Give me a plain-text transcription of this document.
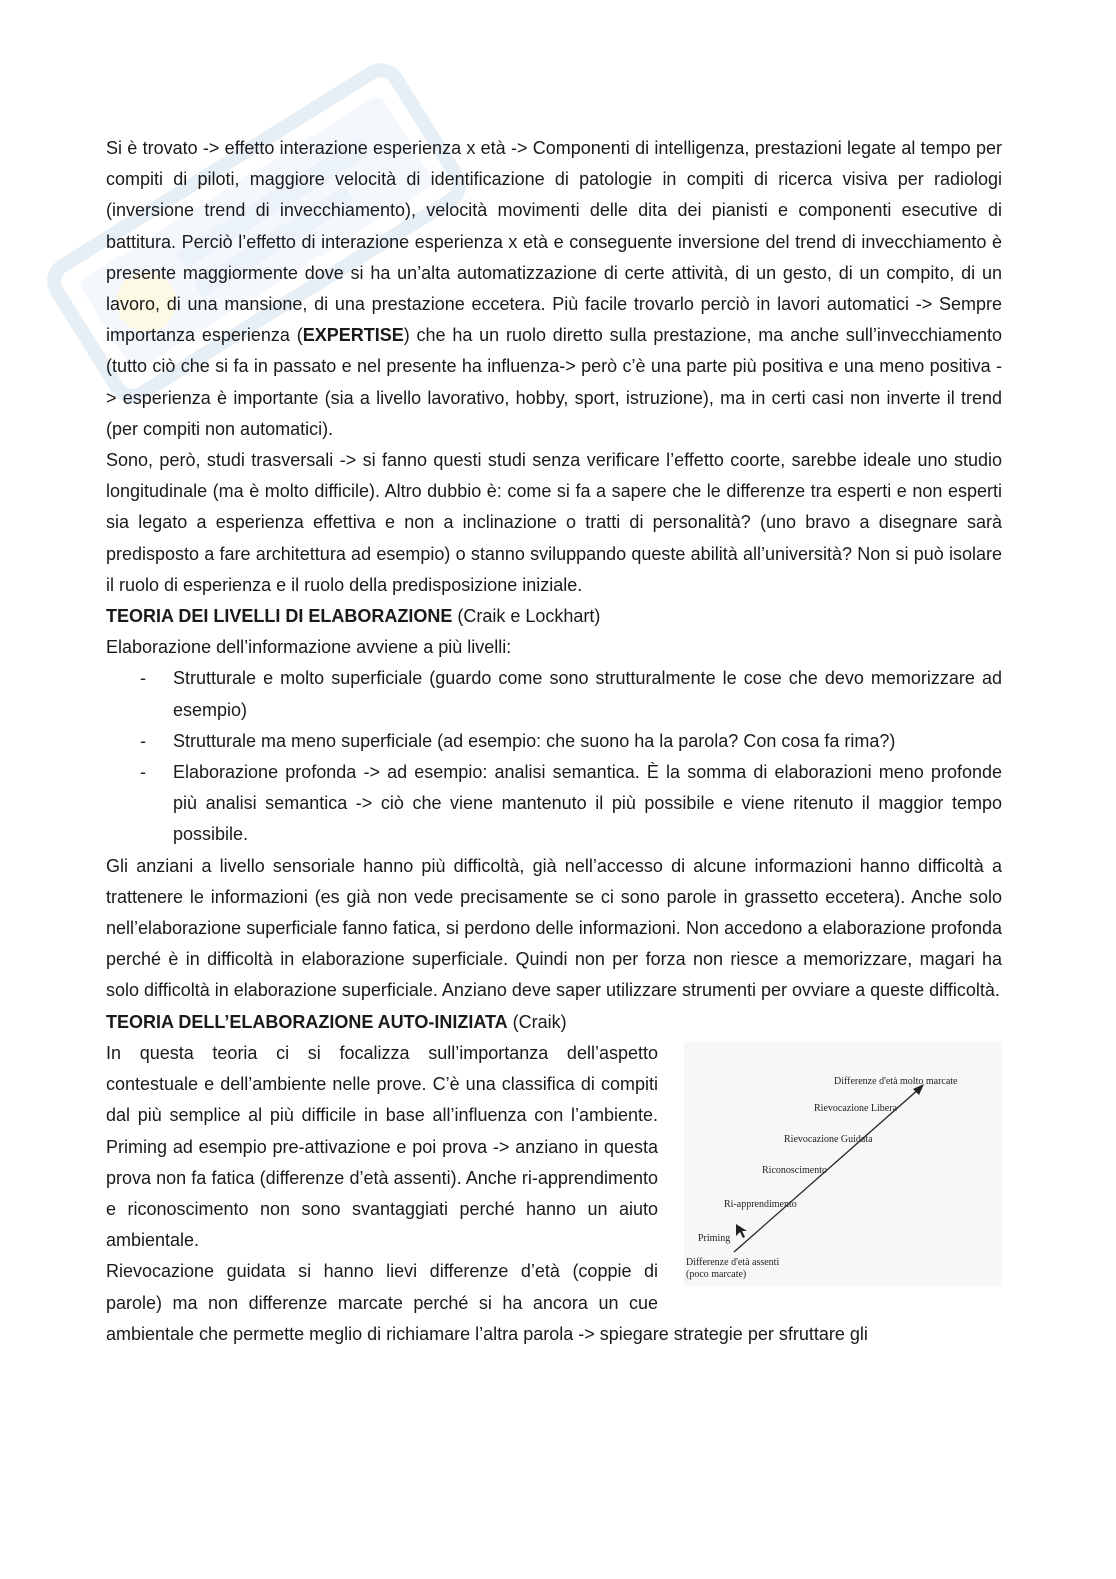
Si è trovato -> effetto interazione esperienza x età -> Componenti di intelligenza, prestazioni legate al tempo per compiti di piloti, maggiore velocità di identificazione di patologie in compiti di ricerca visiva per radiologi (inversione trend di invecchiamento), velocità movimenti delle dita dei pianisti e componenti esecutive di battitura. Perciò l’effetto di interazione esperienza x età e conseguente inversione del trend di invecchiamento è presente maggiormente dove si ha un’alta automatizzazione di certe attività, di un gesto, di un compito, di un lavoro, di una mansione, di una prestazione eccetera. Più facile trovarlo perciò in lavori automatici -> Sempre importanza esperienza (EXPERTISE) che ha un ruolo diretto sulla prestazione, ma anche sull’invecchiamento (tutto ciò che si fa in passato e nel presente ha influenza-> però c’è una parte più positiva e una meno positiva -> esperienza è importante (sia a livello lavorativo, hobby, sport, istruzione), ma in certi casi non inverte il trend (per compiti non automatici).

Sono, però, studi trasversali -> si fanno questi studi senza verificare l’effetto coorte, sarebbe ideale uno studio longitudinale (ma è molto difficile). Altro dubbio è: come si fa a sapere che le differenze tra esperti e non esperti sia legato a esperienza effettiva e non a inclinazione o tratti di personalità? (uno bravo a disegnare sarà predisposto a fare architettura ad esempio) o stanno sviluppando queste abilità all’università? Non si può isolare il ruolo di esperienza e il ruolo della predisposizione iniziale.

TEORIA DEI LIVELLI DI ELABORAZIONE (Craik e Lockhart)

Elaborazione dell’informazione avviene a più livelli:

- Strutturale e molto superficiale (guardo come sono strutturalmente le cose che devo memorizzare ad esempio)
- Strutturale ma meno superficiale (ad esempio: che suono ha la parola? Con cosa fa rima?)
- Elaborazione profonda -> ad esempio: analisi semantica. È la somma di elaborazioni meno profonde più analisi semantica -> ciò che viene mantenuto il più possibile e viene ritenuto il maggior tempo possibile.

Gli anziani a livello sensoriale hanno più difficoltà, già nell’accesso di alcune informazioni hanno difficoltà a trattenere le informazioni (es già non vede precisamente se ci sono parole in grassetto eccetera). Anche solo nell’elaborazione superficiale fanno fatica, si perdono delle informazioni. Non accedono a elaborazione profonda perché è in difficoltà in elaborazione superficiale. Quindi non per forza non riesce a memorizzare, magari ha solo difficoltà in elaborazione superficiale. Anziano deve saper utilizzare strumenti per ovviare a queste difficoltà.

TEORIA DELL’ELABORAZIONE AUTO-INIZIATA (Craik)
Differenze d'età molto marcate
Rievocazione Libera
Rievocazione Guidata
Riconoscimento
Ri-apprendimento
Priming
Differenze d'età assenti
(poco marcate)

In questa teoria ci si focalizza sull’importanza dell’aspetto contestuale e dell’ambiente nelle prove. C’è una classifica di compiti dal più semplice al più difficile in base all’influenza con l’ambiente. Priming ad esempio pre-attivazione e poi prova -> anziano in questa prova non fa fatica (differenze d’età assenti). Anche ri-apprendimento e riconoscimento non sono svantaggiati perché hanno un aiuto ambientale.

Rievocazione guidata si hanno lievi differenze d’età (coppie di parole) ma non differenze marcate perché si ha ancora un cue ambientale che permette meglio di richiamare l’altra parola -> spiegare strategie per sfruttare gli
